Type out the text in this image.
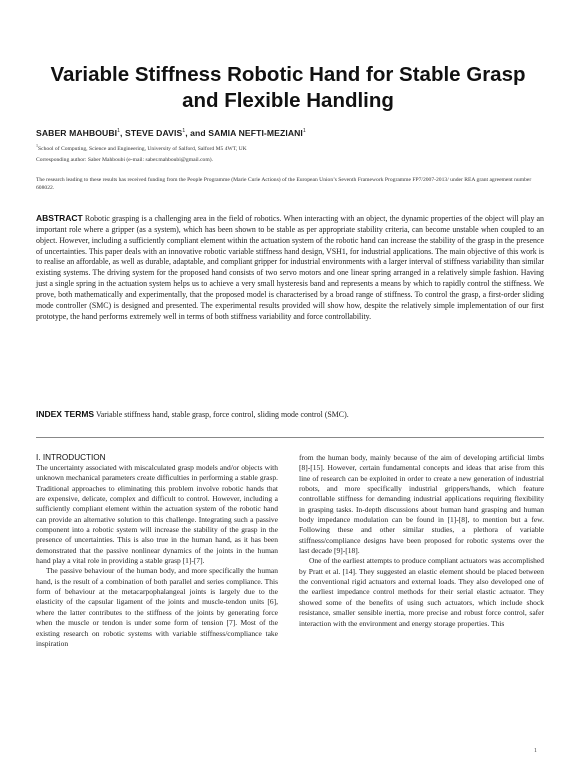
Variable Stiffness Robotic Hand for Stable Grasp and Flexible Handling
SABER MAHBOUBI$^1$, STEVE DAVIS$^1$, and SAMIA NEFTI-MEZIANI$^1$
$^1$School of Computing, Science and Engineering, University of Salford, Salford M5 4WT, UK
Corresponding author: Saber Mahboubi (e-mail: saber.mahboubi@gmail.com).
The research leading to these results has received funding from the People Programme (Marie Curie Actions) of the European Union’s Seventh Framework Programme FP7/2007-2013/ under REA grant agreement number 608022.
ABSTRACT Robotic grasping is a challenging area in the field of robotics. When interacting with an object, the dynamic properties of the object will play an important role where a gripper (as a system), which has been shown to be stable as per appropriate stability criteria, can become unstable when coupled to an object. However, including a sufficiently compliant element within the actuation system of the robotic hand can increase the stability of the grasp in the presence of uncertainties. This paper deals with an innovative robotic variable stiffness hand design, VSH1, for industrial applications. The main objective of this work is to realise an affordable, as well as durable, adaptable, and compliant gripper for industrial environments with a larger interval of stiffness variability than similar existing systems. The driving system for the proposed hand consists of two servo motors and one linear spring arranged in a relatively simple fashion. Having just a single spring in the actuation system helps us to achieve a very small hysteresis band and represents a means by which to rapidly control the stiffness. We prove, both mathematically and experimentally, that the proposed model is characterised by a broad range of stiffness. To control the grasp, a first-order sliding mode controller (SMC) is designed and presented. The experimental results provided will show how, despite the relatively simple implementation of our first prototype, the hand performs extremely well in terms of both stiffness variability and force controllability.
INDEX TERMS Variable stiffness hand, stable grasp, force control, sliding mode control (SMC).
I. INTRODUCTION

The uncertainty associated with miscalculated grasp models and/or objects with unknown mechanical parameters create difficulties in performing a stable grasp. Traditional approaches to eliminating this problem involve robotic hands that are expensive, delicate, complex and difficult to control. However, including a sufficiently compliant element within the actuation system of the robotic hand can provide an alternative solution to this challenge. Integrating such a passive component into a robotic system will increase the stability of the grasp in the presence of uncertainties. This is also true in the human hand, as it has been demonstrated that the passive nonlinear dynamics of the joints in the human hand play a vital role in providing a stable grasp [1]-[7].

The passive behaviour of the human body, and more specifically the human hand, is the result of a combination of both parallel and series compliance. This form of behaviour at the metacarpophalangeal joints is largely due to the elasticity of the capsular ligament of the joints and muscle-tendon units [6], where the latter contributes to the stiffness of the joints by generating force when the muscle or tendon is under some form of tension [7]. Most of the existing research on robotic systems with variable stiffness/compliance take inspiration

from the human body, mainly because of the aim of developing artificial limbs [8]-[15]. However, certain fundamental concepts and ideas that arise from this line of research can be exploited in order to create a new generation of industrial robots, and more specifically industrial grippers/hands, which feature controllable stiffness for demanding industrial applications requiring flexibility in grasping tasks. In-depth discussions about human hand grasping and human body impedance modulation can be found in [1]-[8], to mention but a few. Following these and other similar studies, a plethora of variable stiffness/compliance designs have been proposed for robotic systems over the last decade [9]-[18].

One of the earliest attempts to produce compliant actuators was accomplished by Pratt et al. [14]. They suggested an elastic element should be placed between the conventional rigid actuators and external loads. They also developed one of the earliest impedance control methods for their serial elastic actuator. They showed some of the benefits of using such actuators, which include shock resistance, smaller sensible inertia, more precise and robust force control, safer interaction with the environment and energy storage properties. This

1
